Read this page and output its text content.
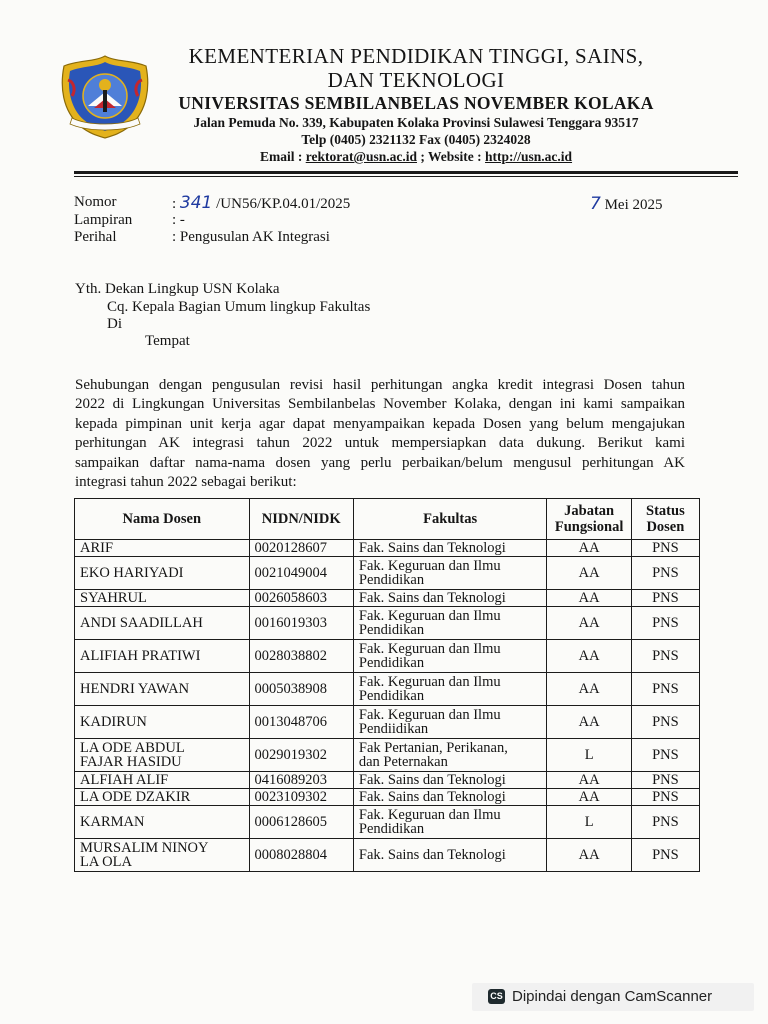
KEMENTERIAN PENDIDIKAN TINGGI, SAINS,
DAN TEKNOLOGI
UNIVERSITAS SEMBILANBELAS NOVEMBER KOLAKA
Jalan Pemuda No. 339, Kabupaten Kolaka Provinsi Sulawesi Tenggara 93517
Telp (0405) 2321132 Fax (0405) 2324028
Email : rektorat@usn.ac.id ; Website : http://usn.ac.id
Nomor	: 341 /UN56/KP.04.01/2025
Lampiran	: -
Perihal	: Pengusulan AK Integrasi
7 Mei 2025
Yth. Dekan Lingkup USN Kolaka
Cq. Kepala Bagian Umum lingkup Fakultas
Di
Tempat
Sehubungan dengan pengusulan revisi hasil perhitungan angka kredit integrasi Dosen tahun
2022 di Lingkungan Universitas Sembilanbelas November Kolaka, dengan ini kami sampaikan
kepada pimpinan unit kerja agar dapat menyampaikan kepada Dosen yang belum mengajukan
perhitungan AK integrasi tahun 2022 untuk mempersiapkan data dukung. Berikut kami
sampaikan daftar nama-nama dosen yang perlu perbaikan/belum mengusul perhitungan AK
integrasi tahun 2022 sebagai berikut:
Nama Dosen	NIDN/NIDK	Fakultas	Jabatan
Fungsional	Status
Dosen
ARIF	0020128607	Fak. Sains dan Teknologi	AA	PNS
EKO HARIYADI	0021049004	Fak. Keguruan dan Ilmu
Pendidikan	AA	PNS
SYAHRUL	0026058603	Fak. Sains dan Teknologi	AA	PNS
ANDI SAADILLAH	0016019303	Fak. Keguruan dan Ilmu
Pendidikan	AA	PNS
ALIFIAH PRATIWI	0028038802	Fak. Keguruan dan Ilmu
Pendidikan	AA	PNS
HENDRI YAWAN	0005038908	Fak. Keguruan dan Ilmu
Pendidikan	AA	PNS
KADIRUN	0013048706	Fak. Keguruan dan Ilmu
Pendiidikan	AA	PNS
LA ODE ABDUL
FAJAR HASIDU	0029019302	Fak Pertanian, Perikanan,
dan Peternakan	L	PNS
ALFIAH ALIF	0416089203	Fak. Sains dan Teknologi	AA	PNS
LA ODE DZAKIR	0023109302	Fak. Sains dan Teknologi	AA	PNS
KARMAN	0006128605	Fak. Keguruan dan Ilmu
Pendidikan	L	PNS
MURSALIM NINOY
LA OLA	0008028804	Fak. Sains dan Teknologi	AA	PNS
CS Dipindai dengan CamScanner
